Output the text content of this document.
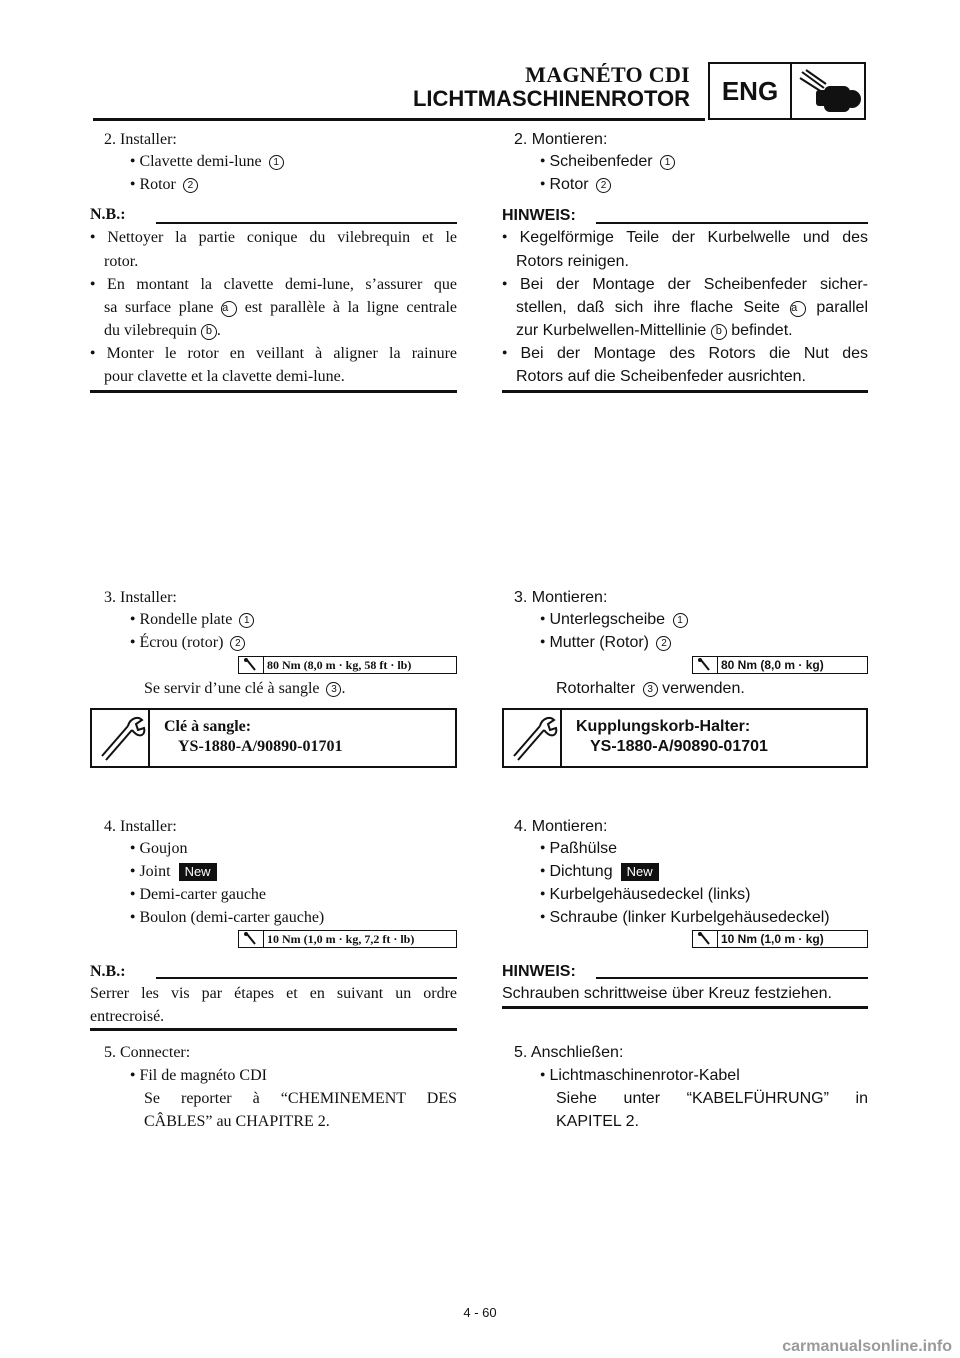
MAGNÉTO CDI
LICHTMASCHINENROTOR	ENG
2. Installer:
● Clavette demi-lune 1
● Rotor 2
N.B.:
● Nettoyer la partie conique du vilebrequin et le
rotor.
● En montant la clavette demi-lune, s’assurer que
sa surface plane a est parallèle à la ligne centrale
du vilebrequin b .
● Monter le rotor en veillant à aligner la rainure
pour clavette et la clavette demi-lune.
3. Installer:
● Rondelle plate 1
● Écrou (rotor) 2
80 Nm (8,0 m · kg, 58 ft · lb)
Se servir d’une clé à sangle 3 .
Clé à sangle:
YS-1880-A/90890-01701
4. Installer:
● Goujon
● Joint New
● Demi-carter gauche
● Boulon (demi-carter gauche)
10 Nm (1,0 m · kg, 7,2 ft · lb)
N.B.:
Serrer les vis par étapes et en suivant un ordre
entrecroisé.
5. Connecter:
● Fil de magnéto CDI
Se reporter à “CHEMINEMENT DES
CÂBLES” au CHAPITRE 2.
2. Montieren:
● Scheibenfeder 1
● Rotor 2
HINWEIS:
● Kegelförmige Teile der Kurbelwelle und des
Rotors reinigen.
● Bei der Montage der Scheibenfeder sicher-
stellen, daß sich ihre flache Seite a parallel
zur Kurbelwellen-Mittellinie b befindet.
● Bei der Montage des Rotors die Nut des
Rotors auf die Scheibenfeder ausrichten.
3. Montieren:
● Unterlegscheibe 1
● Mutter (Rotor) 2
80 Nm (8,0 m · kg)
Rotorhalter 3 verwenden.
Kupplungskorb-Halter:
YS-1880-A/90890-01701
4. Montieren:
● Paßhülse
● Dichtung New
● Kurbelgehäusedeckel (links)
● Schraube (linker Kurbelgehäusedeckel)
10 Nm (1,0 m · kg)
HINWEIS:
Schrauben schrittweise über Kreuz festziehen.
5. Anschließen:
● Lichtmaschinenrotor-Kabel
Siehe unter “KABELFÜHRUNG” in
KAPITEL 2.
4 - 60
carmanualsonline.info
